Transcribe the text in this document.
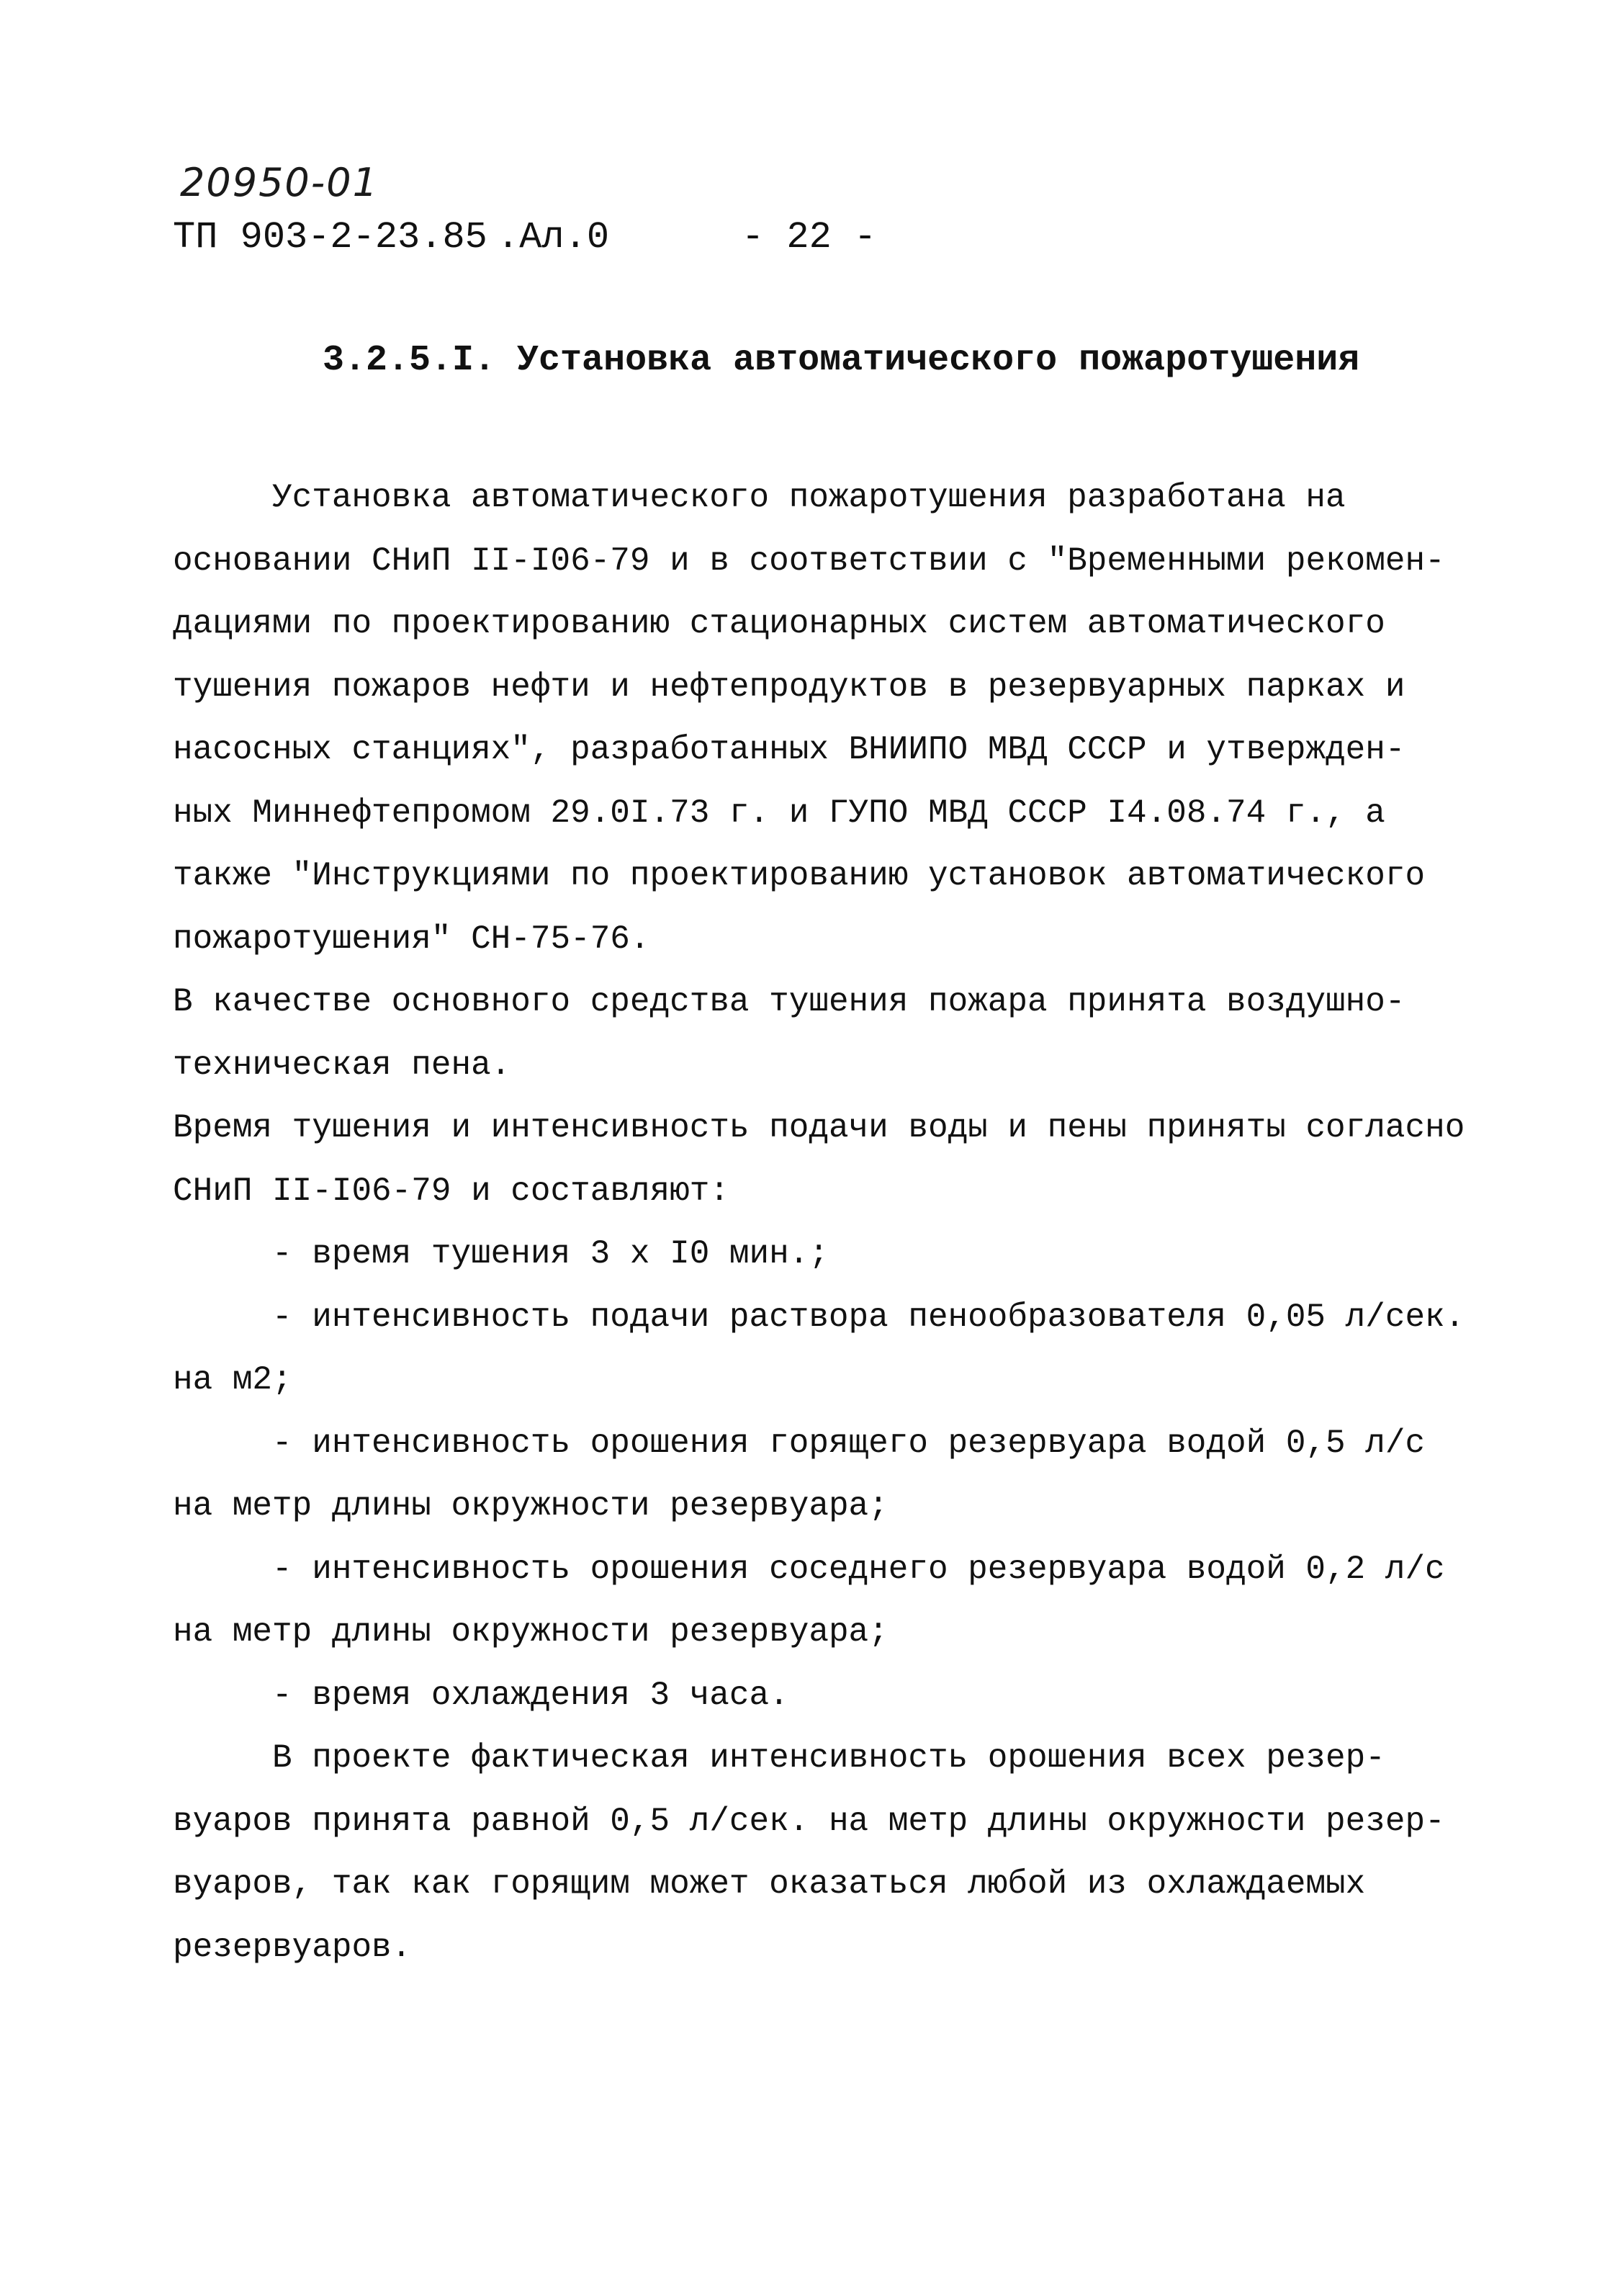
20950-01
ТП 903-2-23.85 .Ал.0	- 22 -
3.2.5.I. Установка автоматического пожаротушения
Установка автоматического пожаротушения разработана на
основании СНиП II-I06-79 и в соответствии с "Временными рекомен-
дациями по проектированию стационарных систем автоматического
тушения пожаров нефти и нефтепродуктов в резервуарных парках и
насосных станциях", разработанных ВНИИПО МВД СССР и утвержден-
ных Миннефтепромом 29.0I.73 г. и ГУПО МВД СССР I4.08.74 г., а
также "Инструкциями по проектированию установок автоматического
пожаротушения" СН-75-76.
В качестве основного средства тушения пожара принята воздушно-
техническая пена.
Время тушения и интенсивность подачи воды и пены приняты согласно
СНиП II-I06-79 и составляют:
- время тушения 3 х I0 мин.;
- интенсивность подачи раствора пенообразователя 0,05 л/сек.
на м2;
- интенсивность орошения горящего резервуара водой 0,5 л/с
на метр длины окружности резервуара;
- интенсивность орошения соседнего резервуара водой 0,2 л/с
на метр длины окружности резервуара;
- время охлаждения 3 часа.
В проекте фактическая интенсивность орошения всех резер-
вуаров принята равной 0,5 л/сек. на метр длины окружности резер-
вуаров, так как горящим может оказаться любой из охлаждаемых
резервуаров.
